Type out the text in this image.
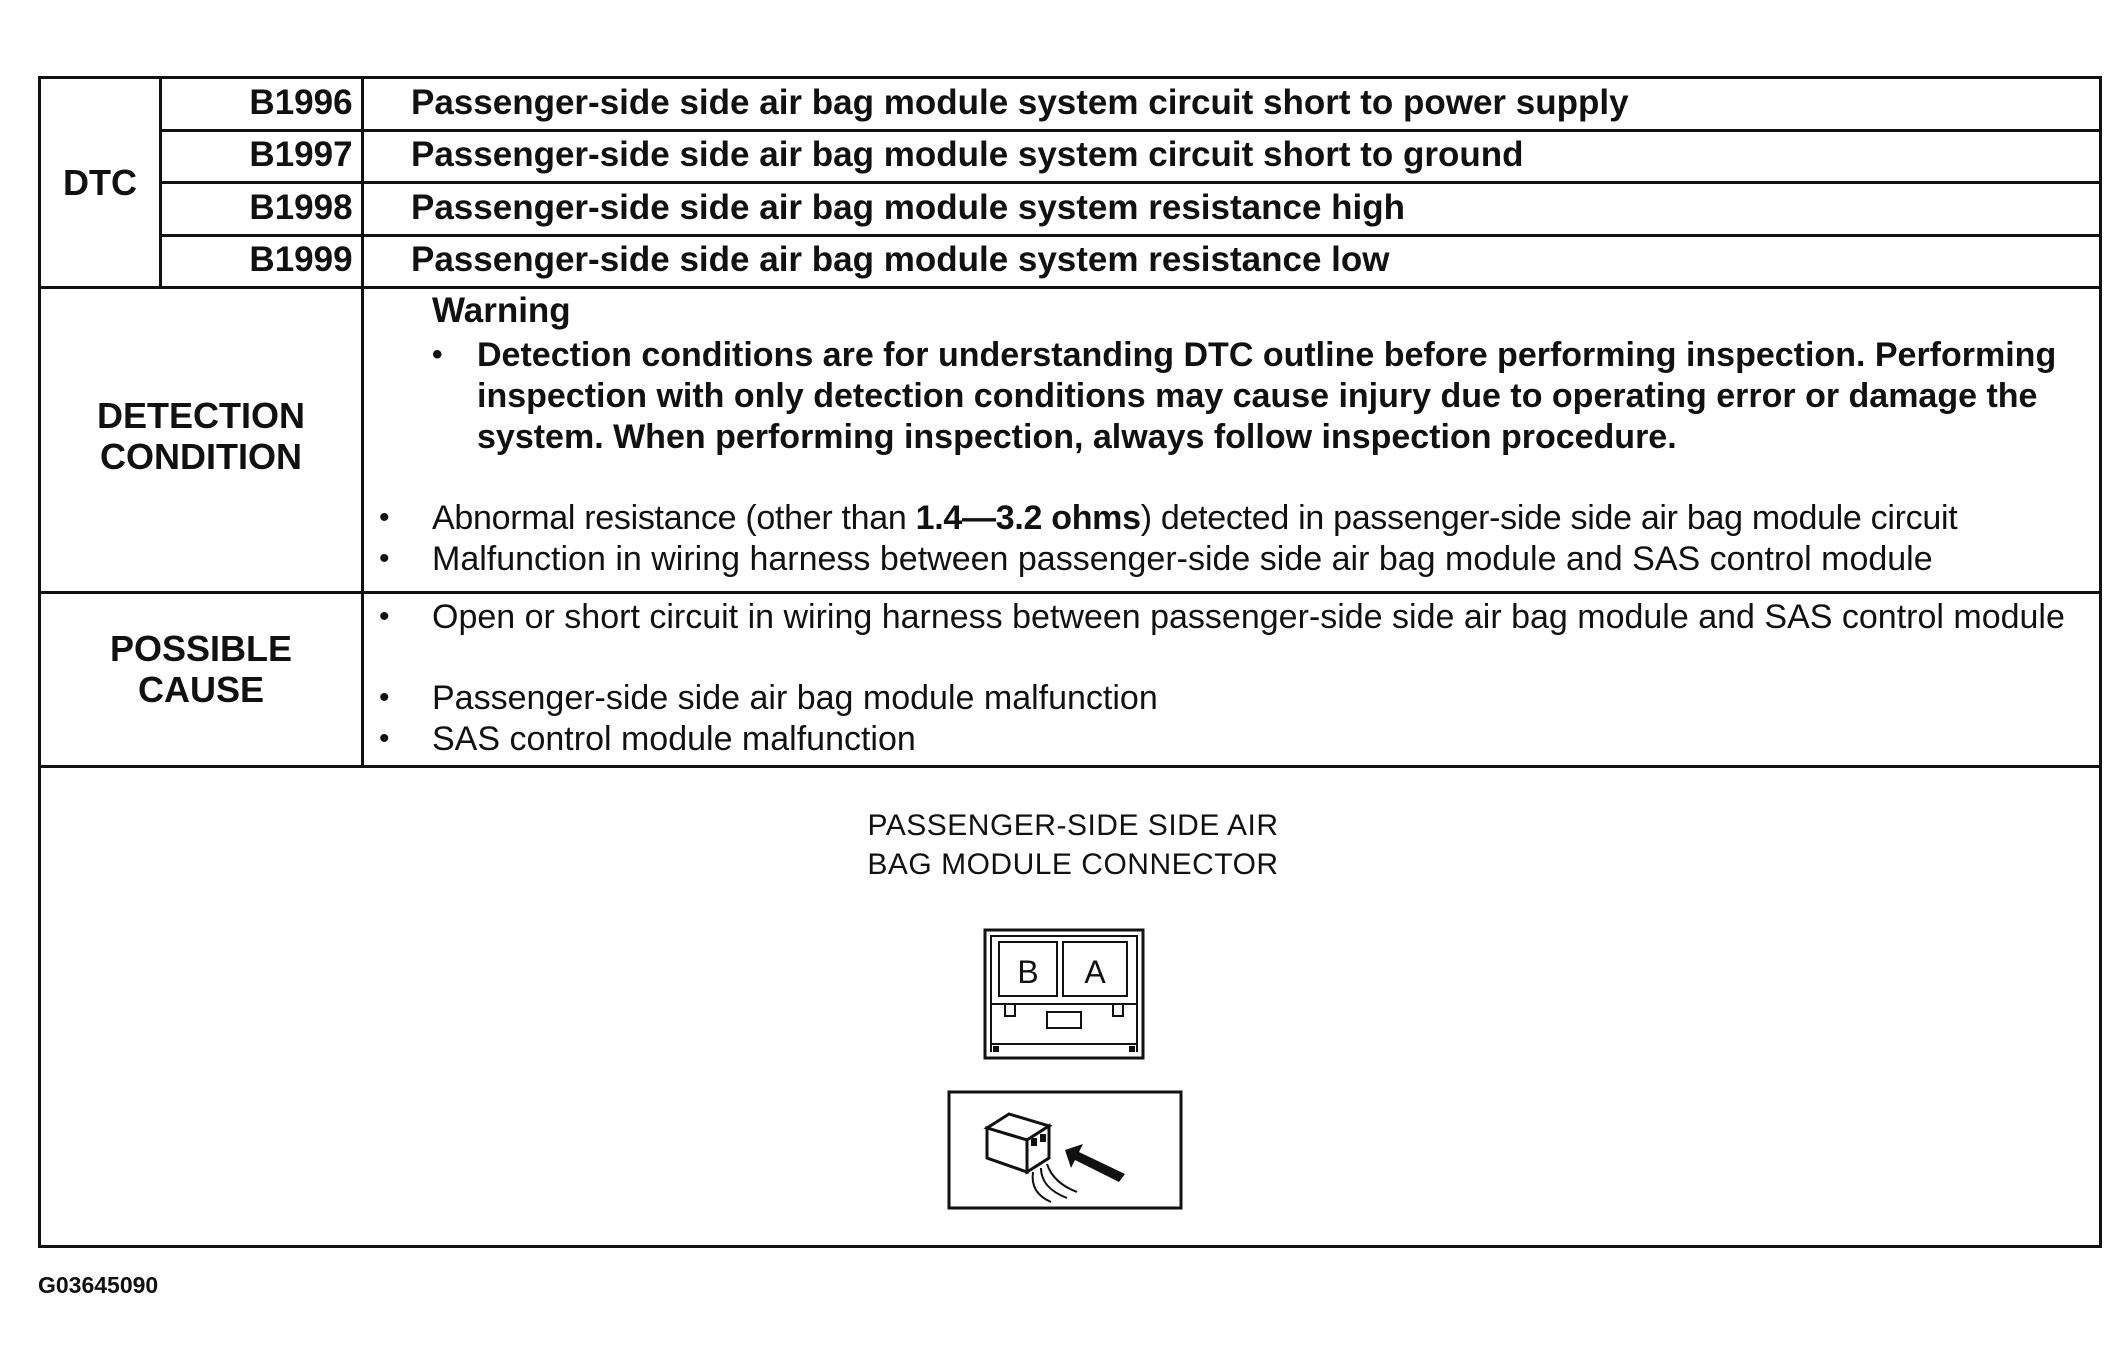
DTC
B1996	Passenger-side side air bag module system circuit short to power supply
B1997	Passenger-side side air bag module system circuit short to ground
B1998	Passenger-side side air bag module system resistance high
B1999	Passenger-side side air bag module system resistance low
DETECTION
CONDITION
Warning
• Detection conditions are for understanding DTC outline before performing inspection. Performing inspection with only detection conditions may cause injury due to operating error or damage the system. When performing inspection, always follow inspection procedure.
• Abnormal resistance (other than 1.4—3.2 ohms) detected in passenger-side side air bag module circuit
• Malfunction in wiring harness between passenger-side side air bag module and SAS control module
POSSIBLE
CAUSE
• Open or short circuit in wiring harness between passenger-side side air bag module and SAS control module
• Passenger-side side air bag module malfunction
• SAS control module malfunction
PASSENGER-SIDE SIDE AIR
BAG MODULE CONNECTOR
B A
G03645090
